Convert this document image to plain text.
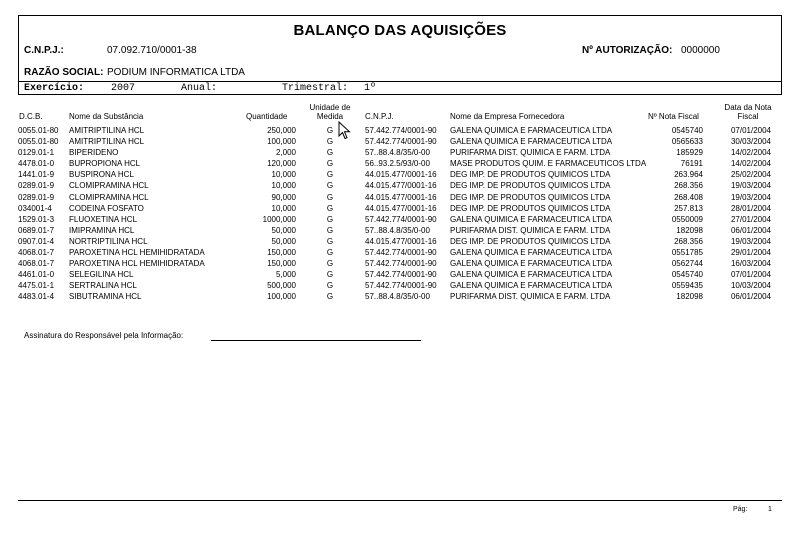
BALANÇO DAS AQUISIÇÕES
C.N.P.J.:	07.092.710/0001-38	Nº AUTORIZAÇÃO: 0000000
RAZÃO SOCIAL: PODIUM INFORMATICA LTDA
Exercício:	2007	Anual:	Trimestral: 1º
D.C.B.	Nome da Substância	Quantidade
Unidade de
Medida	C.N.P.J.	Nome da Empresa Fornecedora	Nº Nota Fiscal
Data da Nota
Fiscal
0055.01-80 AMITRIPTILINA HCL	250,000	G	57.442.774/0001-90 GALENA QUIMICA E FARMACEUTICA LTDA	0545740	07/01/2004
0055.01-80 AMITRIPTILINA HCL	100,000	G	57.442.774/0001-90 GALENA QUIMICA E FARMACEUTICA LTDA	0565633	30/03/2004
0129.01-1 BIPERIDENO	2,000	G	57..88.4.8/35/0-00	PURIFARMA DIST. QUIMICA E FARM. LTDA	185929	14/02/2004
4478.01-0 BUPROPIONA HCL	120,000	G	56..93.2.5/93/0-00	MASE PRODUTOS QUIM. E FARMACEUTICOS LTDA	76191	14/02/2004
1441.01-9 BUSPIRONA HCL	10,000	G	44.015.477/0001-16 DEG IMP. DE PRODUTOS QUIMICOS LTDA	263.964	25/02/2004
0289.01-9 CLOMIPRAMINA HCL	10,000	G	44.015.477/0001-16 DEG IMP. DE PRODUTOS QUIMICOS LTDA	268.356	19/03/2004
0289.01-9 CLOMIPRAMINA HCL	90,000	G	44.015.477/0001-16 DEG IMP. DE PRODUTOS QUIMICOS LTDA	268.408	19/03/2004
034001-4 CODEINA FOSFATO	10,000	G	44.015.477/0001-16 DEG IMP. DE PRODUTOS QUIMICOS LTDA	257.813	28/01/2004
1529.01-3 FLUOXETINA HCL	1000,000	G	57.442.774/0001-90 GALENA QUIMICA E FARMACEUTICA LTDA	0550009	27/01/2004
0689.01-7 IMIPRAMINA HCL	50,000	G	57..88.4.8/35/0-00	PURIFARMA DIST. QUIMICA E FARM. LTDA	182098	06/01/2004
0907.01-4 NORTRIPTILINA HCL	50,000	G	44.015.477/0001-16 DEG IMP. DE PRODUTOS QUIMICOS LTDA	268.356	19/03/2004
4068.01-7 PAROXETINA HCL HEMIHIDRATADA	150,000	G	57.442.774/0001-90 GALENA QUIMICA E FARMACEUTICA LTDA	0551785	29/01/2004
4068.01-7 PAROXETINA HCL HEMIHIDRATADA	150,000	G	57.442.774/0001-90 GALENA QUIMICA E FARMACEUTICA LTDA	0562744	16/03/2004
4461.01-0 SELEGILINA HCL	5,000	G	57.442.774/0001-90 GALENA QUIMICA E FARMACEUTICA LTDA	0545740	07/01/2004
4475.01-1 SERTRALINA HCL	500,000	G	57.442.774/0001-90 GALENA QUIMICA E FARMACEUTICA LTDA	0559435	10/03/2004
4483.01-4 SIBUTRAMINA HCL	100,000	G	57..88.4.8/35/0-00	PURIFARMA DIST. QUIMICA E FARM. LTDA	182098	06/01/2004
Assinatura do Responsável pela Informação:
Pág:	1
